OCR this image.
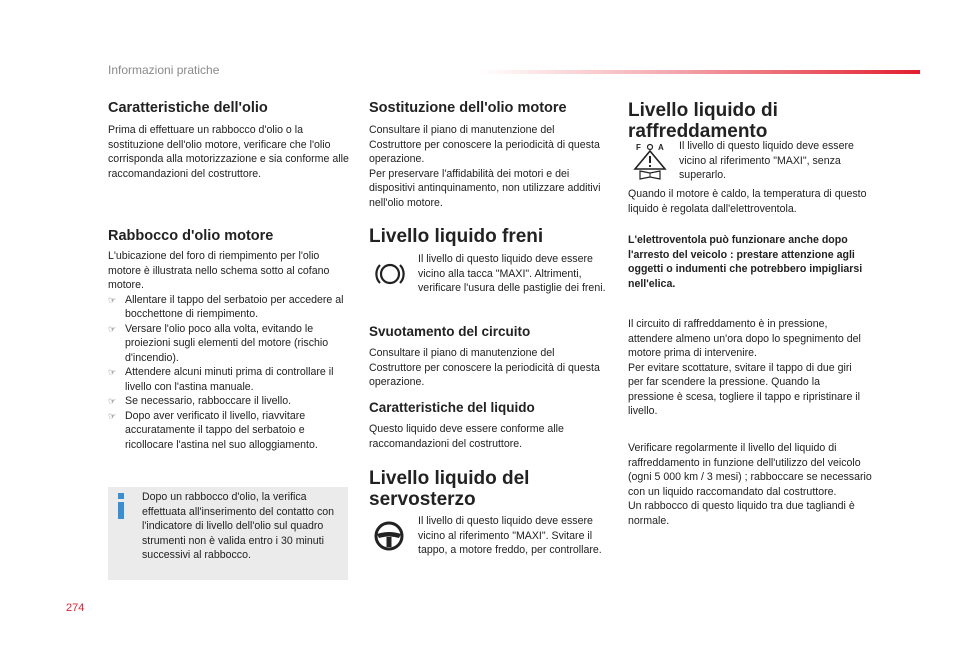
Informazioni pratiche
274
Caratteristiche dell'olio

Prima di effettuare un rabbocco d'olio o la sostituzione dell'olio motore, verificare che l'olio corrisponda alla motorizzazione e sia conforme alle raccomandazioni del costruttore.

Rabbocco d'olio motore

L'ubicazione del foro di riempimento per l'olio motore è illustrata nello schema sotto al cofano motore.

☞ Allentare il tappo del serbatoio per accedere al bocchettone di riempimento.
☞ Versare l'olio poco alla volta, evitando le proiezioni sugli elementi del motore (rischio d'incendio).
☞ Attendere alcuni minuti prima di controllare il livello con l'astina manuale.
☞ Se necessario, rabboccare il livello.
☞ Dopo aver verificato il livello, riavvitare accuratamente il tappo del serbatoio e ricollocare l'astina nel suo alloggiamento.

Dopo un rabbocco d'olio, la verifica effettuata all'inserimento del contatto con l'indicatore di livello dell'olio sul quadro strumenti non è valida entro i 30 minuti successivi al rabbocco.

Sostituzione dell'olio motore

Consultare il piano di manutenzione del Costruttore per conoscere la periodicità di questa operazione.

Per preservare l'affidabilità dei motori e dei dispositivi antinquinamento, non utilizzare additivi nell'olio motore.

Livello liquido freni

Il livello di questo liquido deve essere vicino alla tacca "MAXI". Altrimenti, verificare l'usura delle pastiglie dei freni.

Svuotamento del circuito

Consultare il piano di manutenzione del Costruttore per conoscere la periodicità di questa operazione.

Caratteristiche del liquido

Questo liquido deve essere conforme alle raccomandazioni del costruttore.

Livello liquido del servosterzo

Il livello di questo liquido deve essere vicino al riferimento "MAXI". Svitare il tappo, a motore freddo, per controllare.

Livello liquido di raffreddamento
F A Il livello di questo liquido deve essere vicino al riferimento "MAXI", senza superarlo.

Quando il motore è caldo, la temperatura di questo liquido è regolata dall'elettroventola.

L'elettroventola può funzionare anche dopo l'arresto del veicolo : prestare attenzione agli oggetti o indumenti che potrebbero impigliarsi nell'elica.

Il circuito di raffreddamento è in pressione, attendere almeno un'ora dopo lo spegnimento del motore prima di intervenire.

Per evitare scottature, svitare il tappo di due giri per far scendere la pressione. Quando la pressione è scesa, togliere il tappo e ripristinare il livello.

Verificare regolarmente il livello del liquido di raffreddamento in funzione dell'utilizzo del veicolo (ogni 5 000 km / 3 mesi) ; rabboccare se necessario con un liquido raccomandato dal costruttore.

Un rabbocco di questo liquido tra due tagliandi è normale.
